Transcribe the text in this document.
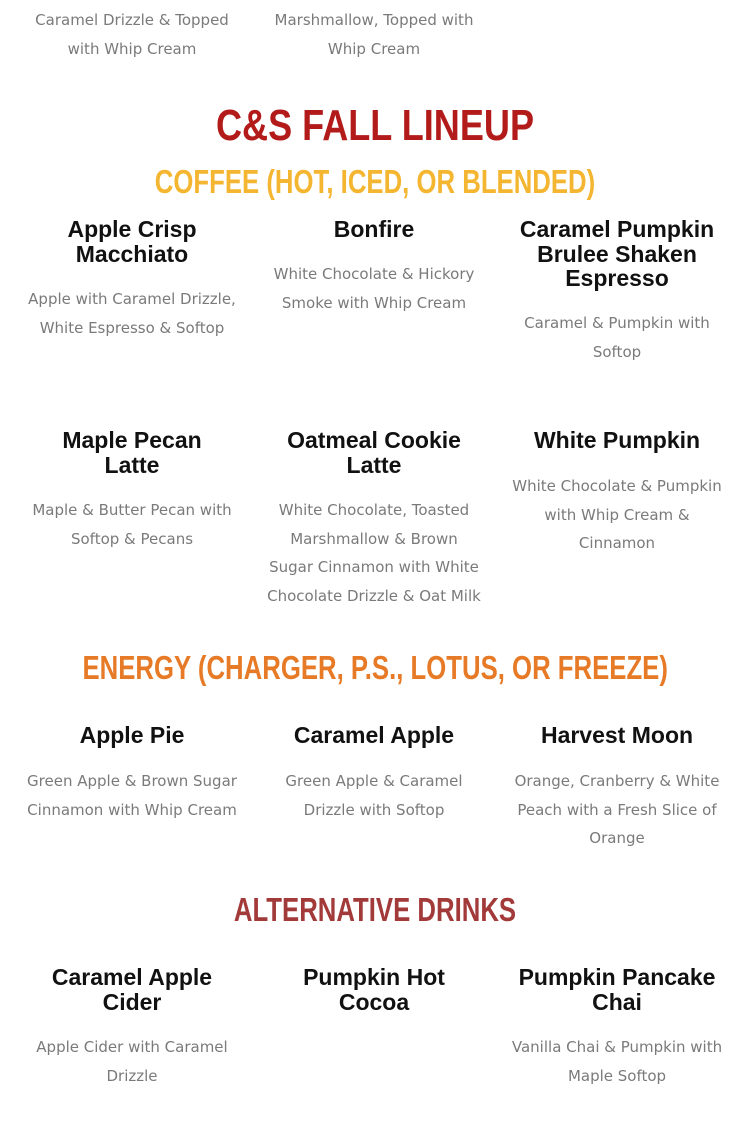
Caramel Drizzle & Topped
with Whip Cream
Marshmallow, Topped with
Whip Cream
C&S FALL LINEUP
COFFEE (HOT, ICED, OR BLENDED)
Apple Crisp
Macchiato
Apple with Caramel Drizzle,
White Espresso & Softop
Bonfire
White Chocolate & Hickory
Smoke with Whip Cream
Caramel Pumpkin
Brulee Shaken
Espresso
Caramel & Pumpkin with
Softop
Maple Pecan
Latte
Maple & Butter Pecan with
Softop & Pecans
Oatmeal Cookie
Latte
White Chocolate, Toasted
Marshmallow & Brown
Sugar Cinnamon with White
Chocolate Drizzle & Oat Milk
White Pumpkin
White Chocolate & Pumpkin
with Whip Cream &
Cinnamon
ENERGY (CHARGER, P.S., LOTUS, OR FREEZE)
Apple Pie
Green Apple & Brown Sugar
Cinnamon with Whip Cream
Caramel Apple
Green Apple & Caramel
Drizzle with Softop
Harvest Moon
Orange, Cranberry & White
Peach with a Fresh Slice of
Orange
ALTERNATIVE DRINKS
Caramel Apple
Cider
Apple Cider with Caramel
Drizzle
Pumpkin Hot
Cocoa
Pumpkin Pancake
Chai
Vanilla Chai & Pumpkin with
Maple Softop
